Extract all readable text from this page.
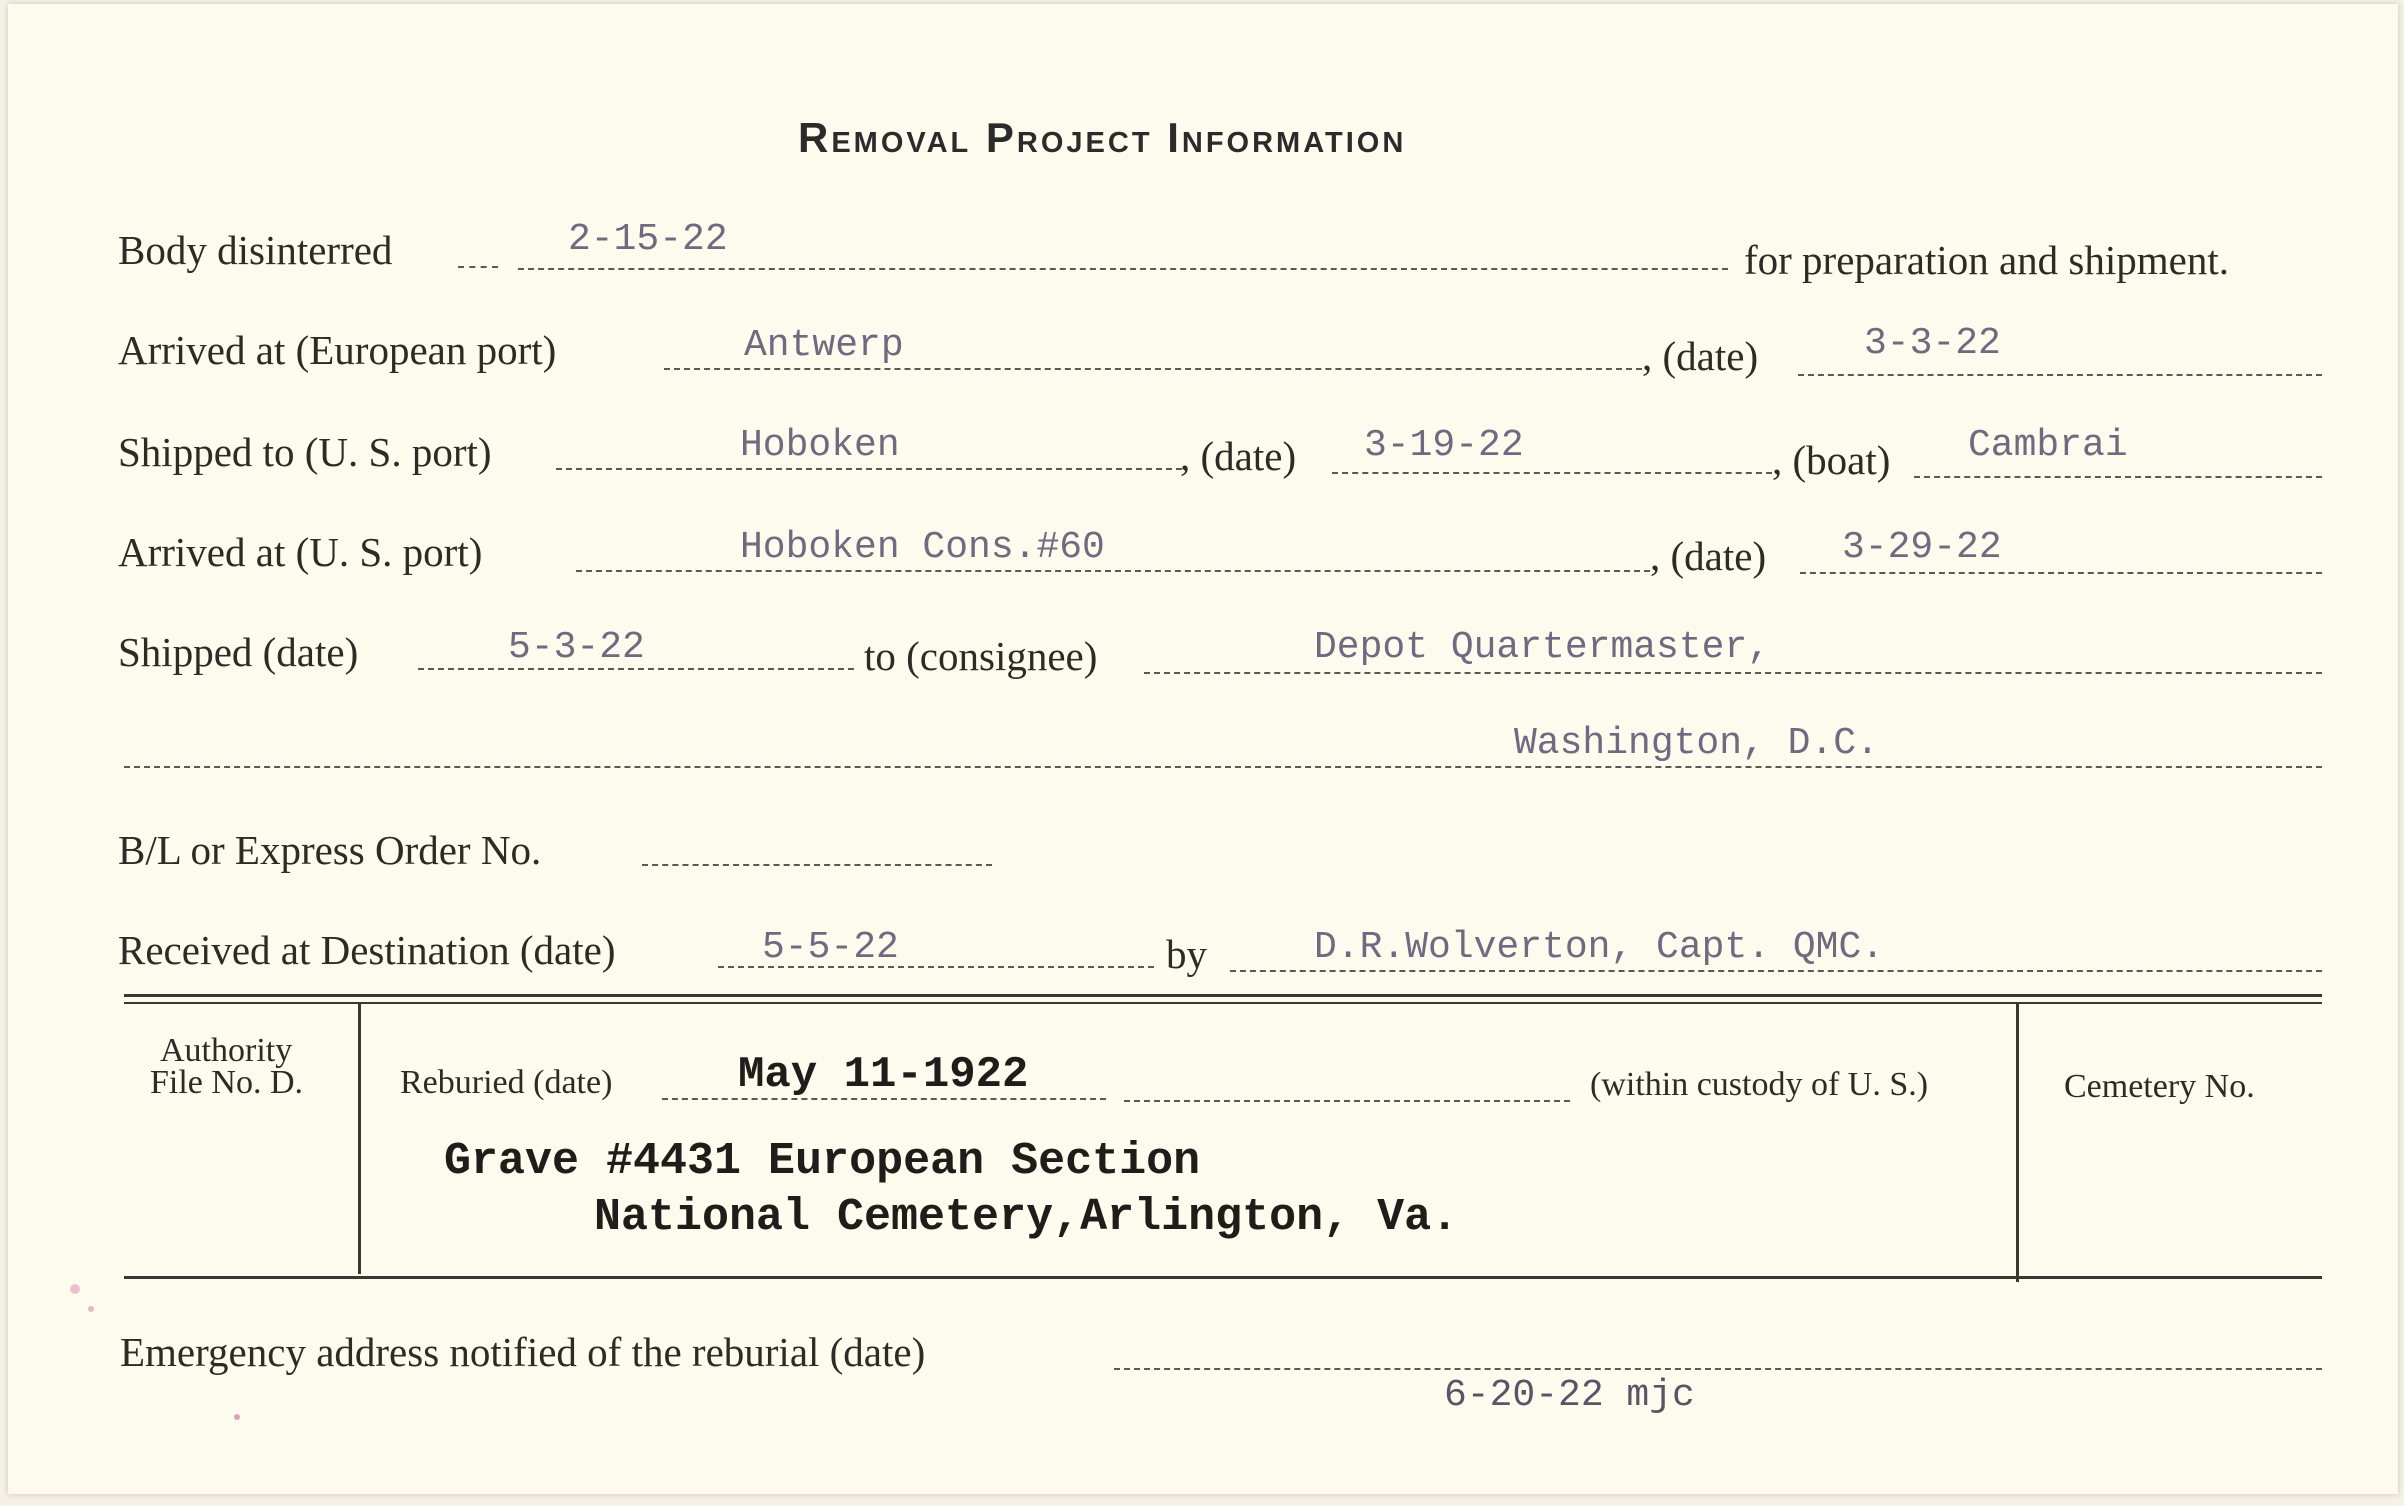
Removal Project Information
Body disinterred	2-15-22	for preparation and shipment.
Arrived at (European port)	Antwerp	, (date)	3-3-22
Shipped to (U. S. port)	Hoboken	, (date) 3-19-22	, (boat) Cambrai
Arrived at (U. S. port)	Hoboken Cons.#60	, (date) 3-29-22
Shipped (date)	5-3-22	to (consignee)	Depot Quartermaster,
Washington, D.C.
B/L or Express Order No.
Received at Destination (date)	5-5-22	by	D.R.Wolverton, Capt. QMC.
Authority
File No. D.	Reburied (date)	May 11-1922	(within custody of U. S.)
Grave #4431 European Section
National Cemetery,Arlington, Va.
Cemetery No.
Emergency address notified of the reburial (date)
6-20-22 mjc
